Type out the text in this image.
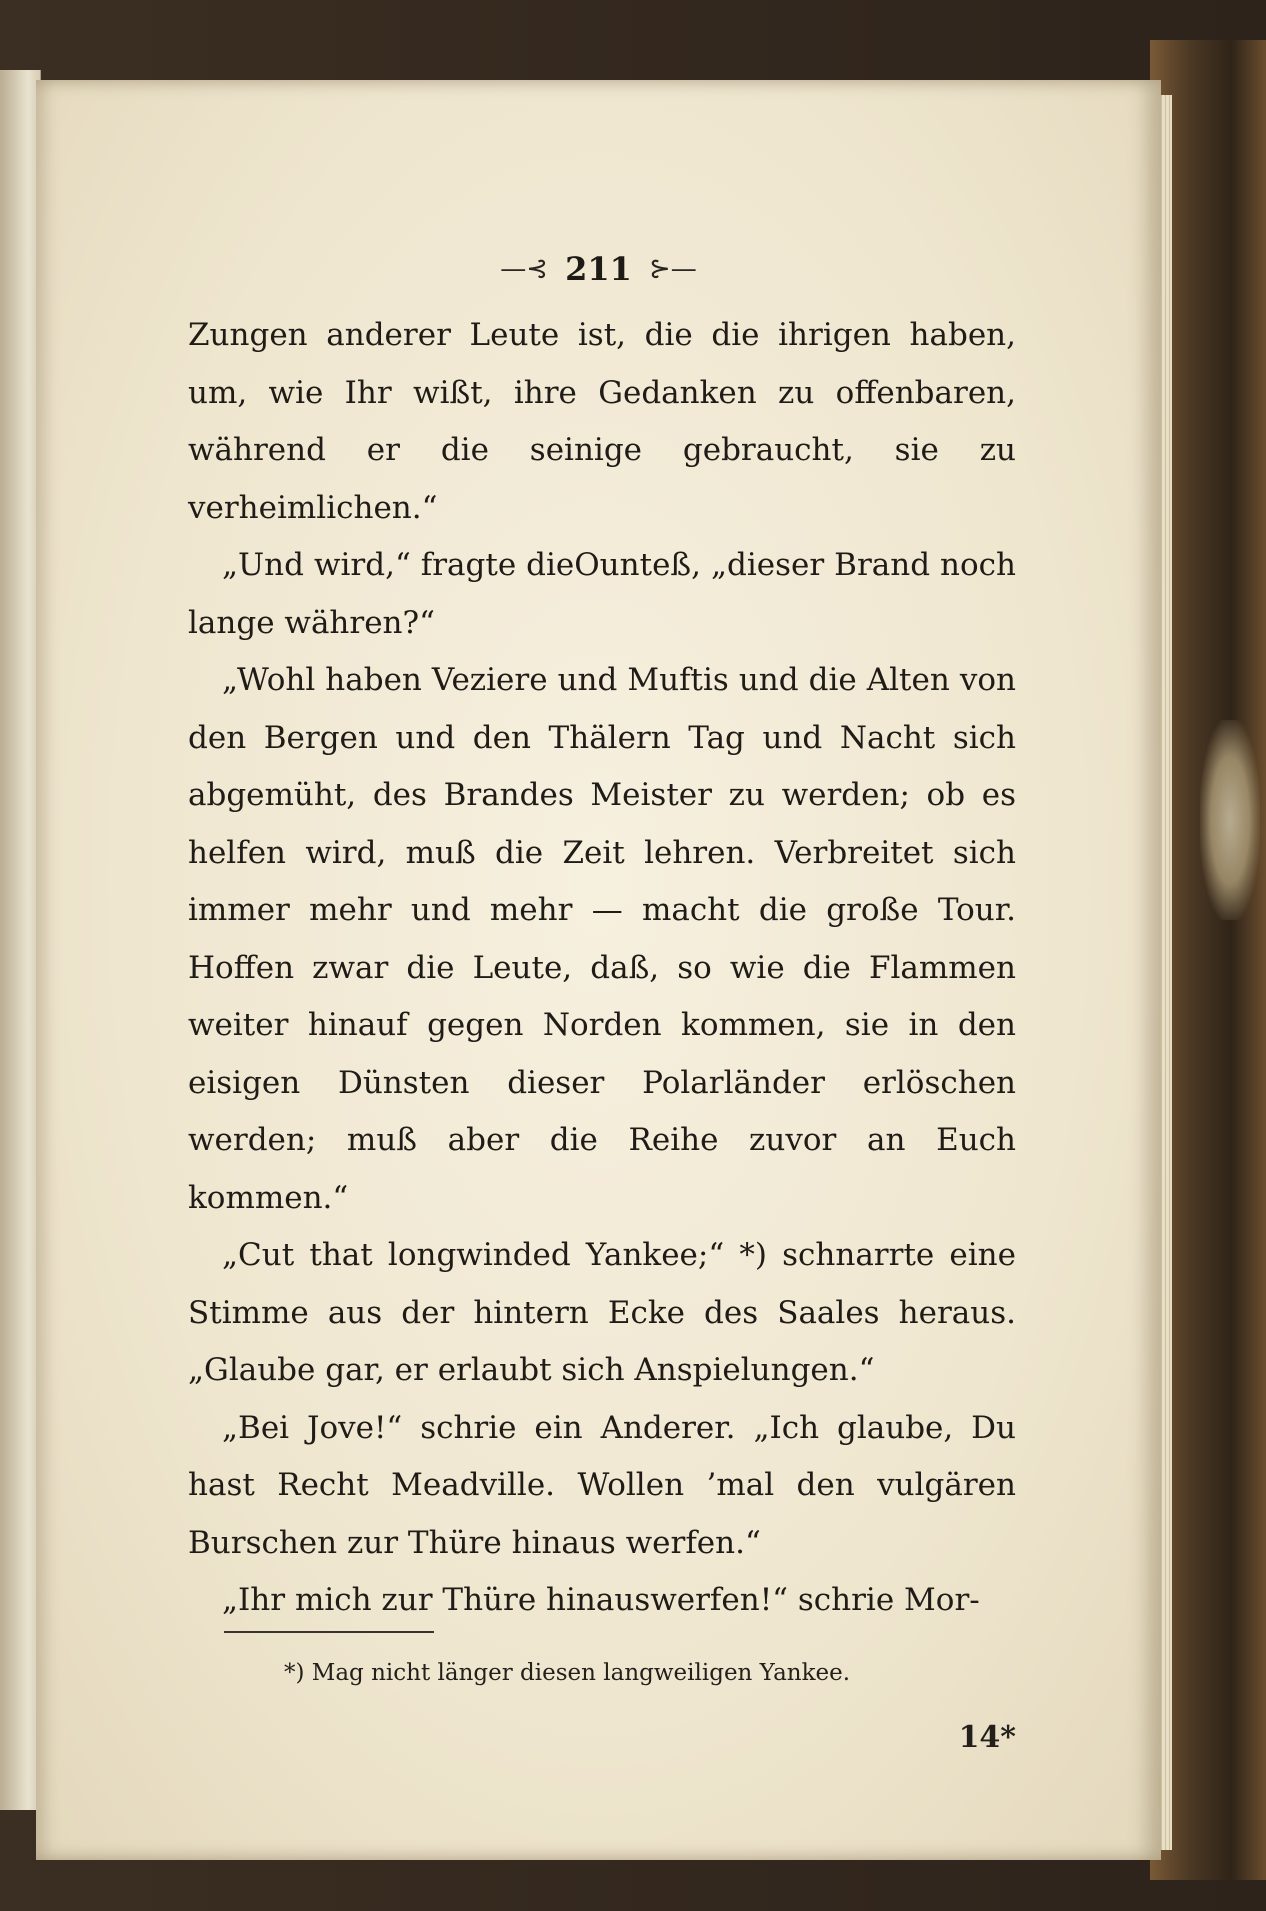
—⊰ 211 ⊱—

Zungen anderer Leute ist, die die ihrigen haben, um, wie Ihr wißt, ihre Gedanken zu offenbaren, während er die seinige gebraucht, sie zu verheimlichen.“

„Und wird,“ fragte dieOunteß, „dieser Brand noch lange währen?“

„Wohl haben Veziere und Muftis und die Alten von den Bergen und den Thälern Tag und Nacht sich abgemüht, des Brandes Meister zu werden; ob es helfen wird, muß die Zeit lehren. Verbreitet sich immer mehr und mehr — macht die große Tour. Hoffen zwar die Leute, daß, so wie die Flammen weiter hinauf gegen Norden kommen, sie in den eisigen Dünsten dieser Polarländer erlöschen werden; muß aber die Reihe zuvor an Euch kommen.“

„Cut that longwinded Yankee;“ *) schnarrte eine Stimme aus der hintern Ecke des Saales heraus. „Glaube gar, er erlaubt sich Anspielungen.“

„Bei Jove!“ schrie ein Anderer. „Ich glaube, Du hast Recht Meadville. Wollen ’mal den vulgären Burschen zur Thüre hinaus werfen.“

„Ihr mich zur Thüre hinauswerfen!“ schrie Mor-

*) Mag nicht länger diesen langweiligen Yankee.
14*
